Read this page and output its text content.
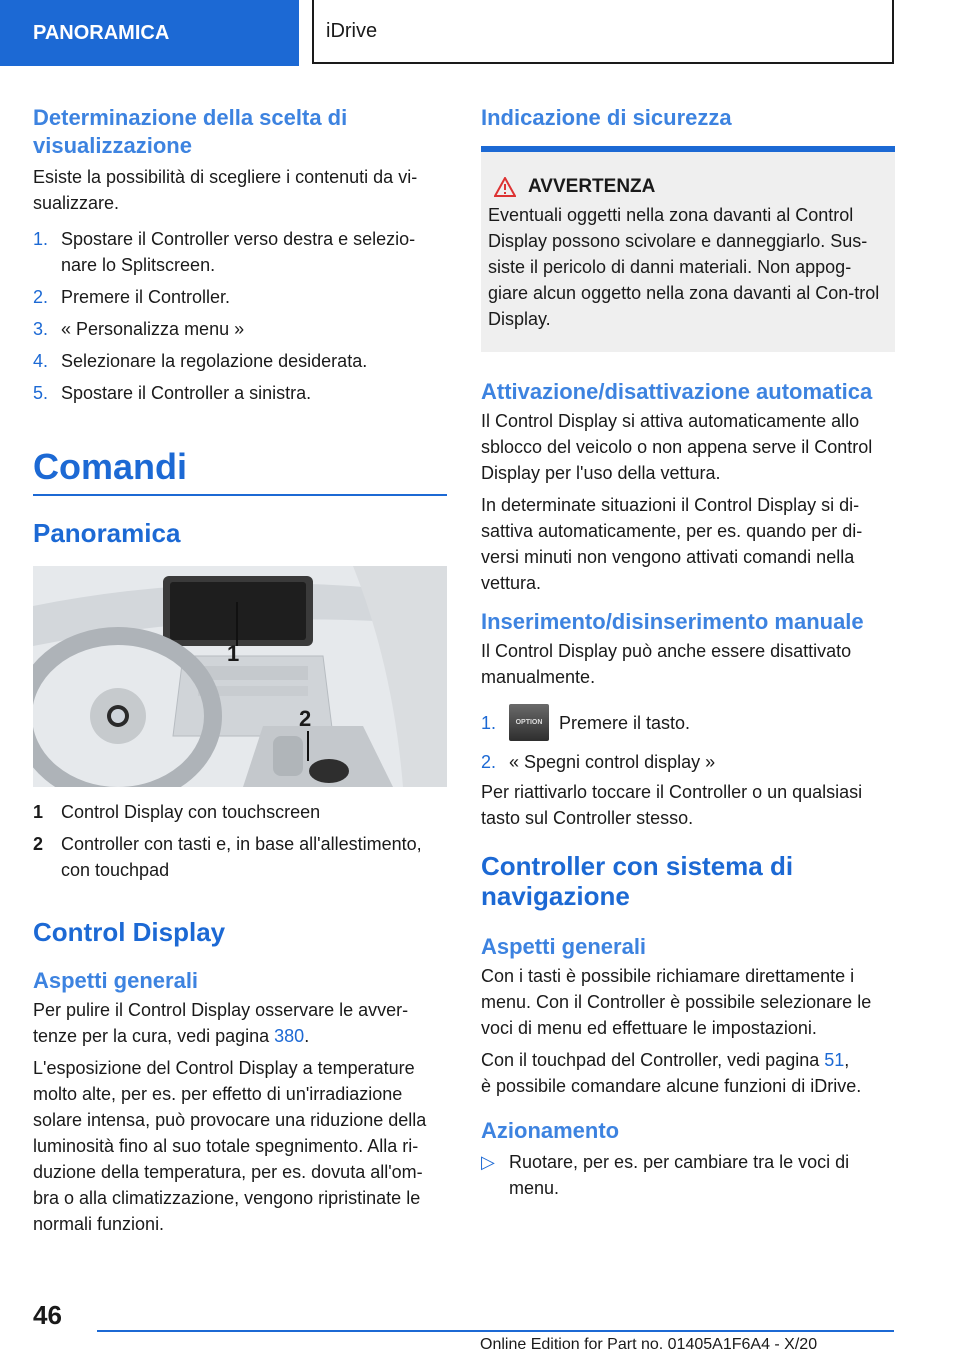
PANORAMICA	iDrive
Determinazione della scelta di visualizzazione

Esiste la possibilità di scegliere i contenuti da vi-sualizzare.

1. Spostare il Controller verso destra e selezio-nare lo Splitscreen.
2. Premere il Controller.
3. « Personalizza menu »
4. Selezionare la regolazione desiderata.
5. Spostare il Controller a sinistra.
Comandi
Panoramica
1
2
1 Control Display con touchscreen
2 Controller con tasti e, in base all'allestimento, con touchpad
Control Display
Aspetti generali

Per pulire il Control Display osservare le avver-tenze per la cura, vedi pagina 380.

L'esposizione del Control Display a temperature molto alte, per es. per effetto di un'irradiazione solare intensa, può provocare una riduzione della luminosità fino al suo totale spegnimento. Alla ri-duzione della temperatura, per es. dovuta all'om-bra o alla climatizzazione, vengono ripristinate le normali funzioni.

Indicazione di sicurezza
AVVERTENZA

Eventuali oggetti nella zona davanti al Control Display possono scivolare e danneggiarlo. Sus-siste il pericolo di danni materiali. Non appog-giare alcun oggetto nella zona davanti al Con-trol Display.

Attivazione/disattivazione automatica

Il Control Display si attiva automaticamente allo sblocco del veicolo o non appena serve il Control Display per l'uso della vettura.

In determinate situazioni il Control Display si di-sattiva automaticamente, per es. quando per di-versi minuti non vengono attivati comandi nella vettura.

Inserimento/disinserimento manuale

Il Control Display può anche essere disattivato manualmente.

1.	OPTION Premere il tasto.
2. « Spegni control display »

Per riattivarlo toccare il Controller o un qualsiasi tasto sul Controller stesso.

Controller con sistema di navigazione
Aspetti generali

Con i tasti è possibile richiamare direttamente i menu. Con il Controller è possibile selezionare le voci di menu ed effettuare le impostazioni.

Con il touchpad del Controller, vedi pagina 51,
è possibile comandare alcune funzioni di iDrive.

Azionamento
▷ Ruotare, per es. per cambiare tra le voci di menu.
46
Online Edition for Part no. 01405A1F6A4 - X/20
